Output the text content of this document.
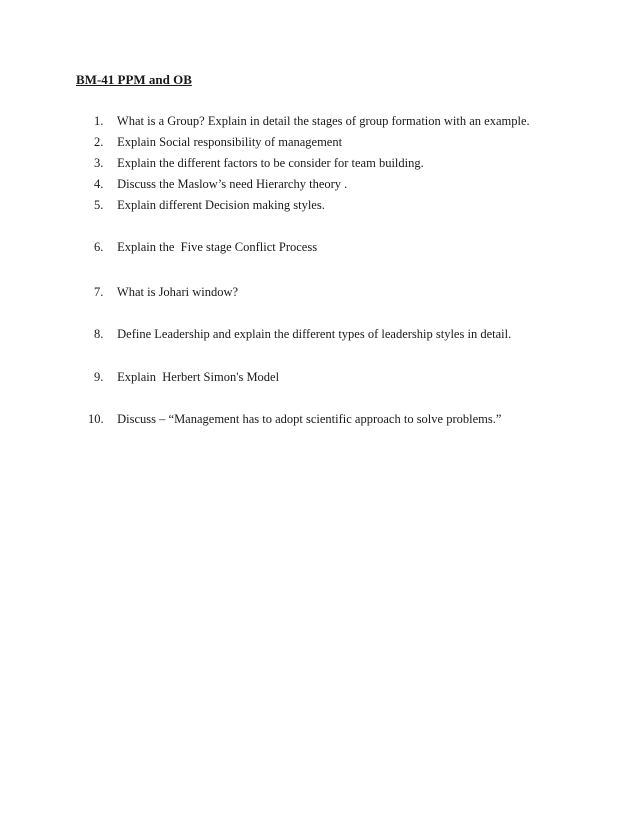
BM-41 PPM and OB
1. What is a Group? Explain in detail the stages of group formation with an example.
2. Explain Social responsibility of management
3. Explain the different factors to be consider for team building.
4. Discuss the Maslow’s need Hierarchy theory .
5. Explain different Decision making styles.
6. Explain the  Five stage Conflict Process
7. What is Johari window?
8. Define Leadership and explain the different types of leadership styles in detail.
9. Explain  Herbert Simon's Model
10. Discuss – “Management has to adopt scientific approach to solve problems.”
